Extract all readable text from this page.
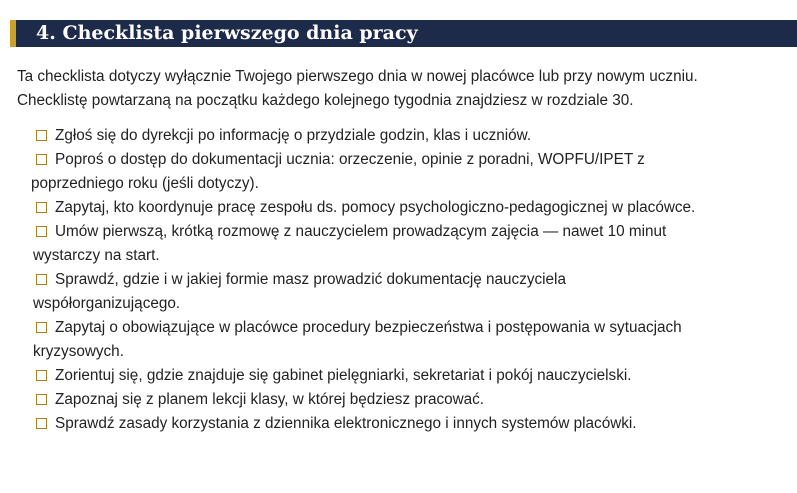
4. Checklista pierwszego dnia pracy

Ta checklista dotyczy wyłącznie Twojego pierwszego dnia w nowej placówce lub przy nowym uczniu.
Checklistę powtarzaną na początku każdego kolejnego tygodnia znajdziesz w rozdziale 30.

Zgłoś się do dyrekcji po informację o przydziale godzin, klas i uczniów.
Poproś o dostęp do dokumentacji ucznia: orzeczenie, opinie z poradni, WOPFU/IPET z
poprzedniego roku (jeśli dotyczy).
Zapytaj, kto koordynuje pracę zespołu ds. pomocy psychologiczno-pedagogicznej w placówce.
Umów pierwszą, krótką rozmowę z nauczycielem prowadzącym zajęcia — nawet 10 minut
wystarczy na start.
Sprawdź, gdzie i w jakiej formie masz prowadzić dokumentację nauczyciela
współorganizującego.
Zapytaj o obowiązujące w placówce procedury bezpieczeństwa i postępowania w sytuacjach
kryzysowych.
Zorientuj się, gdzie znajduje się gabinet pielęgniarki, sekretariat i pokój nauczycielski.
Zapoznaj się z planem lekcji klasy, w której będziesz pracować.
Sprawdź zasady korzystania z dziennika elektronicznego i innych systemów placówki.
